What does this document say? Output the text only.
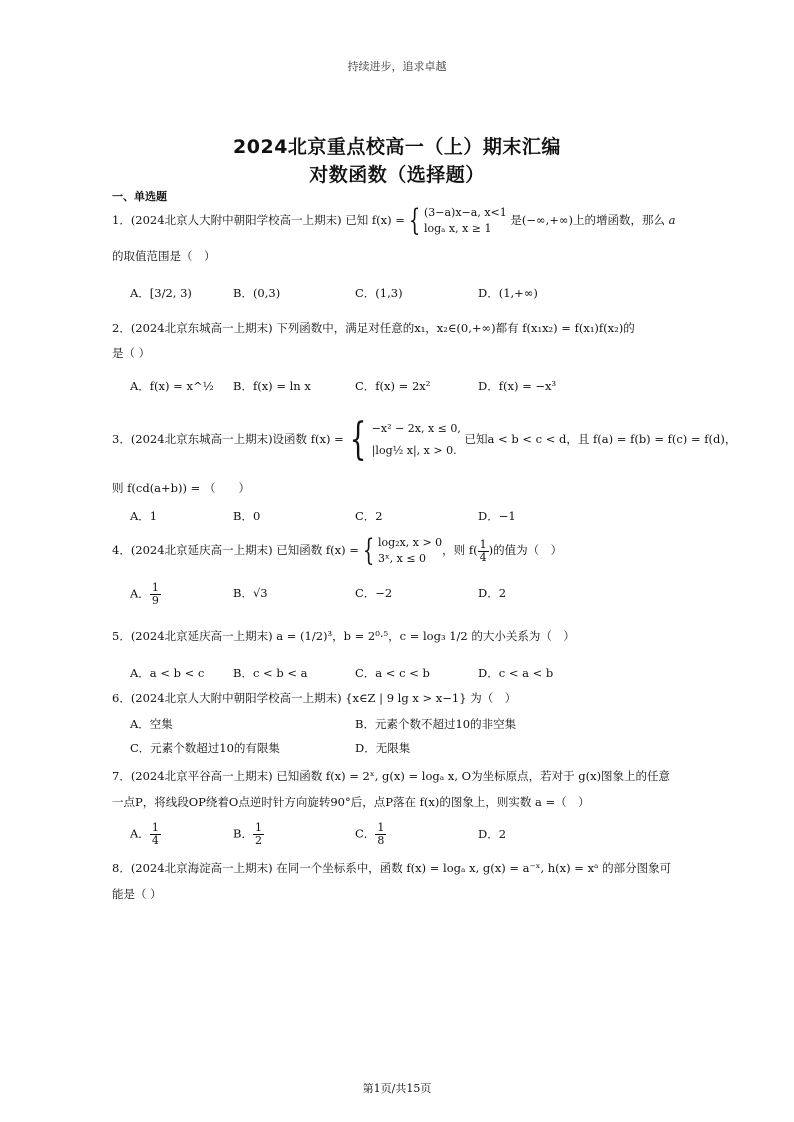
持续进步，追求卓越
2024北京重点校高一（上）期末汇编
对数函数（选择题）
一、单选题
1．(2024北京人大附中朝阳学校高一上期末) 已知 f(x) = { (3−a)x−a, x<1
logₐ x, x ≥ 1 是(−∞,+∞)上的增函数，那么 a
的取值范围是（　）
A．[3/2, 3)	B．(0,3)	C．(1,3)	D．(1,+∞)
2．(2024北京东城高一上期末) 下列函数中，满足对任意的x₁，x₂∈(0,+∞)都有 f(x₁x₂) = f(x₁)f(x₂)的
是（ ）
A．f(x) = x^½ B．f(x) = ln x	C．f(x) = 2x²	D．f(x) = −x³
3．(2024北京东城高一上期末)设函数 f(x) = { −x² − 2x, x ≤ 0,
|log½ x|, x > 0. 已知a < b < c < d，且 f(a) = f(b) = f(c) = f(d)，
则 f(cd(a+b)) = （　　）
A．1	B．0	C．2	D．−1
4．(2024北京延庆高一上期末) 已知函数 f(x) = { log₂x, x > 0
3ˣ, x ≤ 0，则 $f( \frac{1}{4}$ )的值为（　）
A． $\frac{1}{9}$	B．√3	C．−2	D．2
5．(2024北京延庆高一上期末) a = (1/2)³，b = 2⁰·⁵，c = log₃ 1/2 的大小关系为（　）
A．a < b < c B．c < b < a	C．a < c < b	D．c < a < b
6．(2024北京人大附中朝阳学校高一上期末) {x∈Z | 9 lg x > x−1} 为（　）
A．空集	B．元素个数不超过10的非空集
C．元素个数超过10的有限集	D．无限集
7．(2024北京平谷高一上期末) 已知函数 f(x) = 2ˣ, g(x) = logₐ x, O为坐标原点，若对于 g(x)图象上的任意
一点P，将线段OP绕着O点逆时针方向旋转90°后，点P落在 f(x)的图象上，则实数 a =（　）
A． $\frac{1}{4}$	B． $\frac{1}{2}$	C． $\frac{1}{8}$	D．2
8．(2024北京海淀高一上期末) 在同一个坐标系中，函数 f(x) = logₐ x, g(x) = a⁻ˣ, h(x) = xᵃ 的部分图象可
能是（ ）
第1页/共15页
